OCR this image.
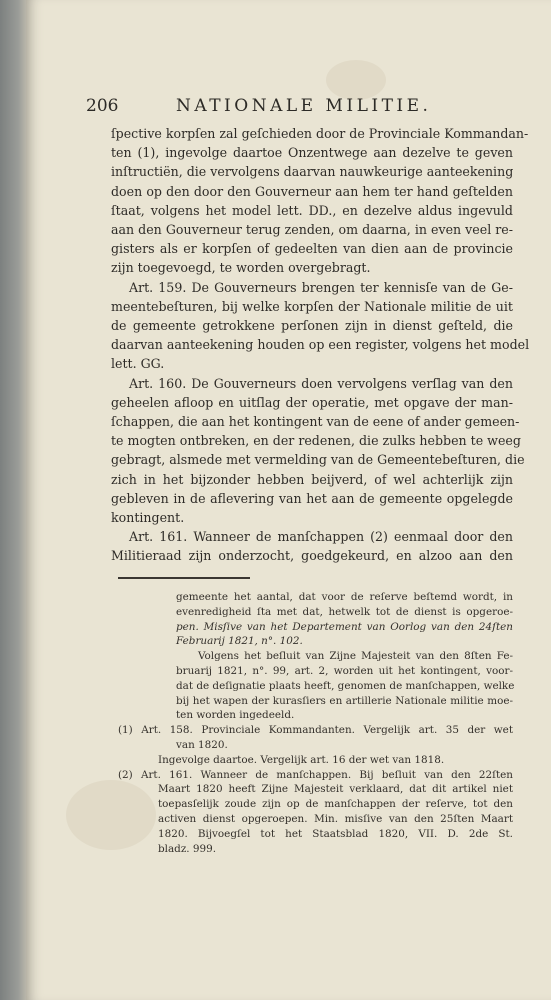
206	NATIONALE MILITIE.
ſpective korpſen zal geſchieden door de Provinciale Kommandan-
ten (1), ingevolge daartoe Onzentwege aan dezelve te geven
inſtructiën, die vervolgens daarvan nauwkeurige aanteekening
doen op den door den Gouverneur aan hem ter hand geſtelden
ſtaat, volgens het model lett. DD., en dezelve aldus ingevuld
aan den Gouverneur terug zenden, om daarna, in even veel re-
gisters als er korpſen of gedeelten van dien aan de provincie
zijn toegevoegd, te worden overgebragt.
Art. 159. De Gouverneurs brengen ter kennisſe van de Ge-
meentebeſturen, bij welke korpſen der Nationale militie de uit
de gemeente getrokkene perſonen zijn in dienst geſteld, die
daarvan aanteekening houden op een register, volgens het model
lett. GG.
Art. 160. De Gouverneurs doen vervolgens verſlag van den
geheelen afloop en uitſlag der operatie, met opgave der man-
ſchappen, die aan het kontingent van de eene of ander gemeen-
te mogten ontbreken, en der redenen, die zulks hebben te weeg
gebragt, alsmede met vermelding van de Gemeentebeſturen, die
zich in het bijzonder hebben beijverd, of wel achterlijk zijn
gebleven in de aflevering van het aan de gemeente opgelegde
kontingent.
Art. 161. Wanneer de manſchappen (2) eenmaal door den
Militieraad zijn onderzocht, goedgekeurd, en alzoo aan den
gemeente het aantal, dat voor de reſerve beſtemd wordt, in
evenredigheid ſta met dat, hetwelk tot de dienst is opgeroe-
pen. Misſive van het Departement van Oorlog van den 24ſten
Februarij 1821, n°. 102.
Volgens het beſluit van Zijne Majesteit van den 8ſten Fe-
bruarij 1821, n°. 99, art. 2, worden uit het kontingent, voor-
dat de deſignatie plaats heeft, genomen de manſchappen, welke
bij het wapen der kurasſiers en artillerie Nationale militie moe-
ten worden ingedeeld.
(1) Art. 158. Provinciale Kommandanten. Vergelijk art. 35 der wet
van 1820.
Ingevolge daartoe. Vergelijk art. 16 der wet van 1818.
(2) Art. 161. Wanneer de manſchappen. Bij beſluit van den 22ſten
Maart 1820 heeft Zijne Majesteit verklaard, dat dit artikel niet
toepasſelijk zoude zijn op de manſchappen der reſerve, tot den
activen dienst opgeroepen. Min. misſive van den 25ſten Maart
1820. Bijvoegſel tot het Staatsblad 1820, VII. D. 2de St.
bladz. 999.
